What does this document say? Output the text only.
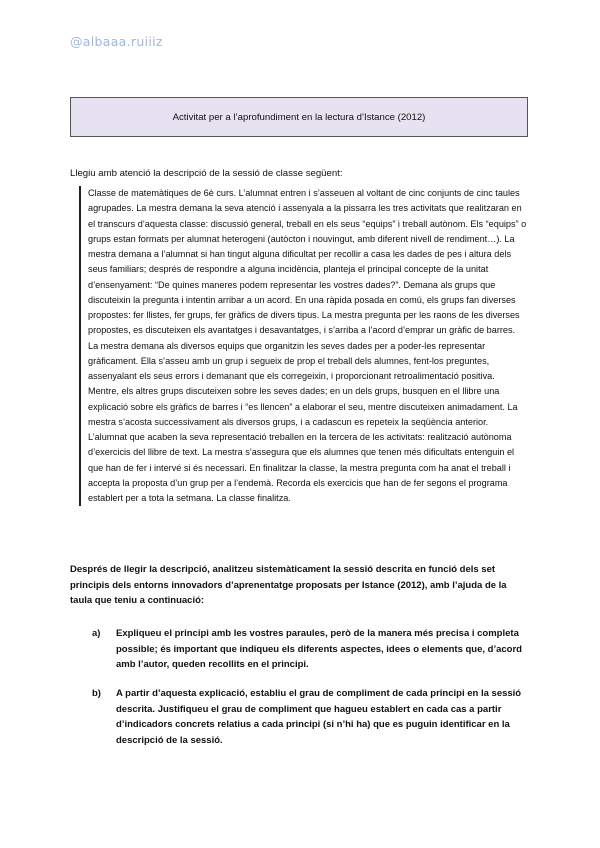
@albaaa.ruiiiz
Activitat per a l’aprofundiment en la lectura d’Istance (2012)
Llegiu amb atenció la descripció de la sessió de classe següent:

Classe de matemàtiques de 6è curs. L’alumnat entren i s’asseuen al voltant de cinc conjunts de cinc taules agrupades. La mestra demana la seva atenció i assenyala a la pissarra les tres activitats que realitzaran en el transcurs d’aquesta classe: discussió general, treball en els seus “equips” i treball autònom. Els “equips” o grups estan formats per alumnat heterogeni (autòcton i nouvingut, amb diferent nivell de rendiment…). La mestra demana a l’alumnat si han tingut alguna dificultat per recollir a casa les dades de pes i altura dels seus familiars; després de respondre a alguna incidència, planteja el principal concepte de la unitat d’ensenyament: “De quines maneres podem representar les vostres dades?”. Demana als grups que discuteixin la pregunta i intentin arribar a un acord. En una ràpida posada en comú, els grups fan diverses propostes: fer llistes, fer grups, fer gràfics de divers tipus. La mestra pregunta per les raons de les diverses propostes, es discuteixen els avantatges i desavantatges, i s’arriba a l’acord d’emprar un gràfic de barres. La mestra demana als diversos equips que organitzin les seves dades per a poder-les representar gràficament. Ella s’asseu amb un grup i segueix de prop el treball dels alumnes, fent-los preguntes, assenyalant els seus errors i demanant que els corregeixin, i proporcionant retroalimentació positiva. Mentre, els altres grups discuteixen sobre les seves dades; en un dels grups, busquen en el llibre una explicació sobre els gràfics de barres i “es llencen” a elaborar el seu, mentre discuteixen animadament. La mestra s’acosta successivament als diversos grups, i a cadascun es repeteix la seqüència anterior. L’alumnat que acaben la seva representació treballen en la tercera de les activitats: realització autònoma d’exercicis del llibre de text. La mestra s’assegura que els alumnes que tenen més dificultats entenguin el que han de fer i intervé si és necessari. En finalitzar la classe, la mestra pregunta com ha anat el treball i accepta la proposta d’un grup per a l’endemà. Recorda els exercicis que han de fer segons el programa establert per a tota la setmana. La classe finalitza.

Després de llegir la descripció, analitzeu sistemàticament la sessió descrita en funció dels set principis dels entorns innovadors d’aprenentatge proposats per Istance (2012), amb l’ajuda de la taula que teniu a continuació:

a)	Expliqueu el principi amb les vostres paraules, però de la manera més precisa i completa possible; és important que indiqueu els diferents aspectes, idees o elements que, d’acord amb l’autor, queden recollits en el principi.
b)	A partir d’aquesta explicació, establiu el grau de compliment de cada principi en la sessió descrita. Justifiqueu el grau de compliment que hagueu establert en cada cas a partir d’indicadors concrets relatius a cada principi (si n’hi ha) que es puguin identificar en la descripció de la sessió.
